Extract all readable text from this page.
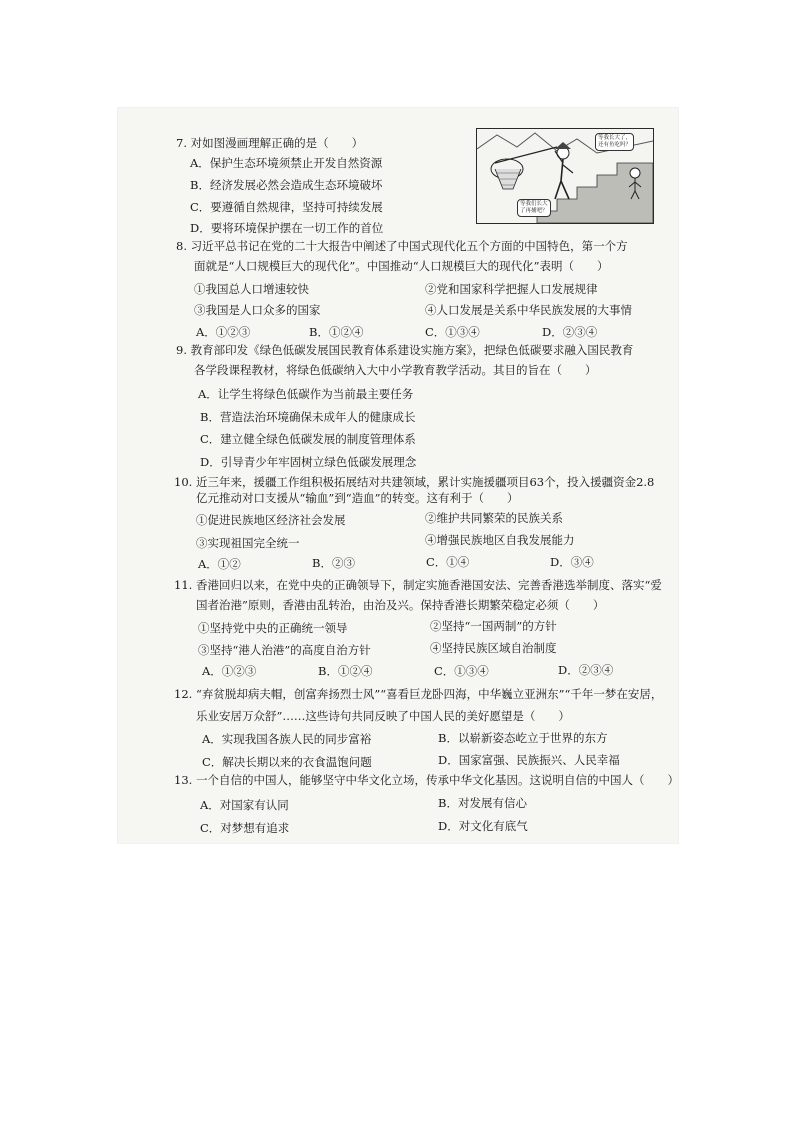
等我长大了，
还有鱼吃吗？
等我们长大
了再捕吧？
7. 对如图漫画理解正确的是（　　）
A．保护生态环境须禁止开发自然资源
B．经济发展必然会造成生态环境破坏
C．要遵循自然规律，坚持可持续发展
D．要将环境保护摆在一切工作的首位
8. 习近平总书记在党的二十大报告中阐述了中国式现代化五个方面的中国特色，第一个方
面就是“人口规模巨大的现代化”。中国推动“人口规模巨大的现代化”表明（　　）
①我国总人口增速较快	②党和国家科学把握人口发展规律
③我国是人口众多的国家	④人口发展是关系中华民族发展的大事情
A．①②③	B．①②④	C．①③④	D．②③④
9. 教育部印发《绿色低碳发展国民教育体系建设实施方案》，把绿色低碳要求融入国民教育
各学段课程教材，将绿色低碳纳入大中小学教育教学活动。其目的旨在（　　）
A．让学生将绿色低碳作为当前最主要任务
B．营造法治环境确保未成年人的健康成长
C．建立健全绿色低碳发展的制度管理体系
D．引导青少年牢固树立绿色低碳发展理念
10. 近三年来，援疆工作组积极拓展结对共建领域，累计实施援疆项目63个，投入援疆资金2.8
亿元推动对口支援从“输血”到“造血”的转变。这有利于（　　）
①促进民族地区经济社会发展	②维护共同繁荣的民族关系
③实现祖国完全统一	④增强民族地区自我发展能力
A．①②	B．②③	C．①④	D．③④
11. 香港回归以来，在党中央的正确领导下，制定实施香港国安法、完善香港选举制度、落实“爱
国者治港”原则，香港由乱转治，由治及兴。保持香港长期繁荣稳定必须（　　）
①坚持党中央的正确统一领导	②坚持“一国两制”的方针
③坚持“港人治港”的高度自治方针	④坚持民族区域自治制度
A．①②③	B．①②④	C．①③④	D．②③④
12. “弃贫脱却病夫帽，创富奔扬烈士风”“喜看巨龙卧四海，中华巍立亚洲东”“千年一梦在安居，
乐业安居万众舒”……这些诗句共同反映了中国人民的美好愿望是（　　）
A．实现我国各族人民的同步富裕	B．以崭新姿态屹立于世界的东方
C．解决长期以来的衣食温饱问题	D．国家富强、民族振兴、人民幸福
13. 一个自信的中国人，能够坚守中华文化立场，传承中华文化基因。这说明自信的中国人（　　）
A．对国家有认同	B．对发展有信心
C．对梦想有追求	D．对文化有底气
